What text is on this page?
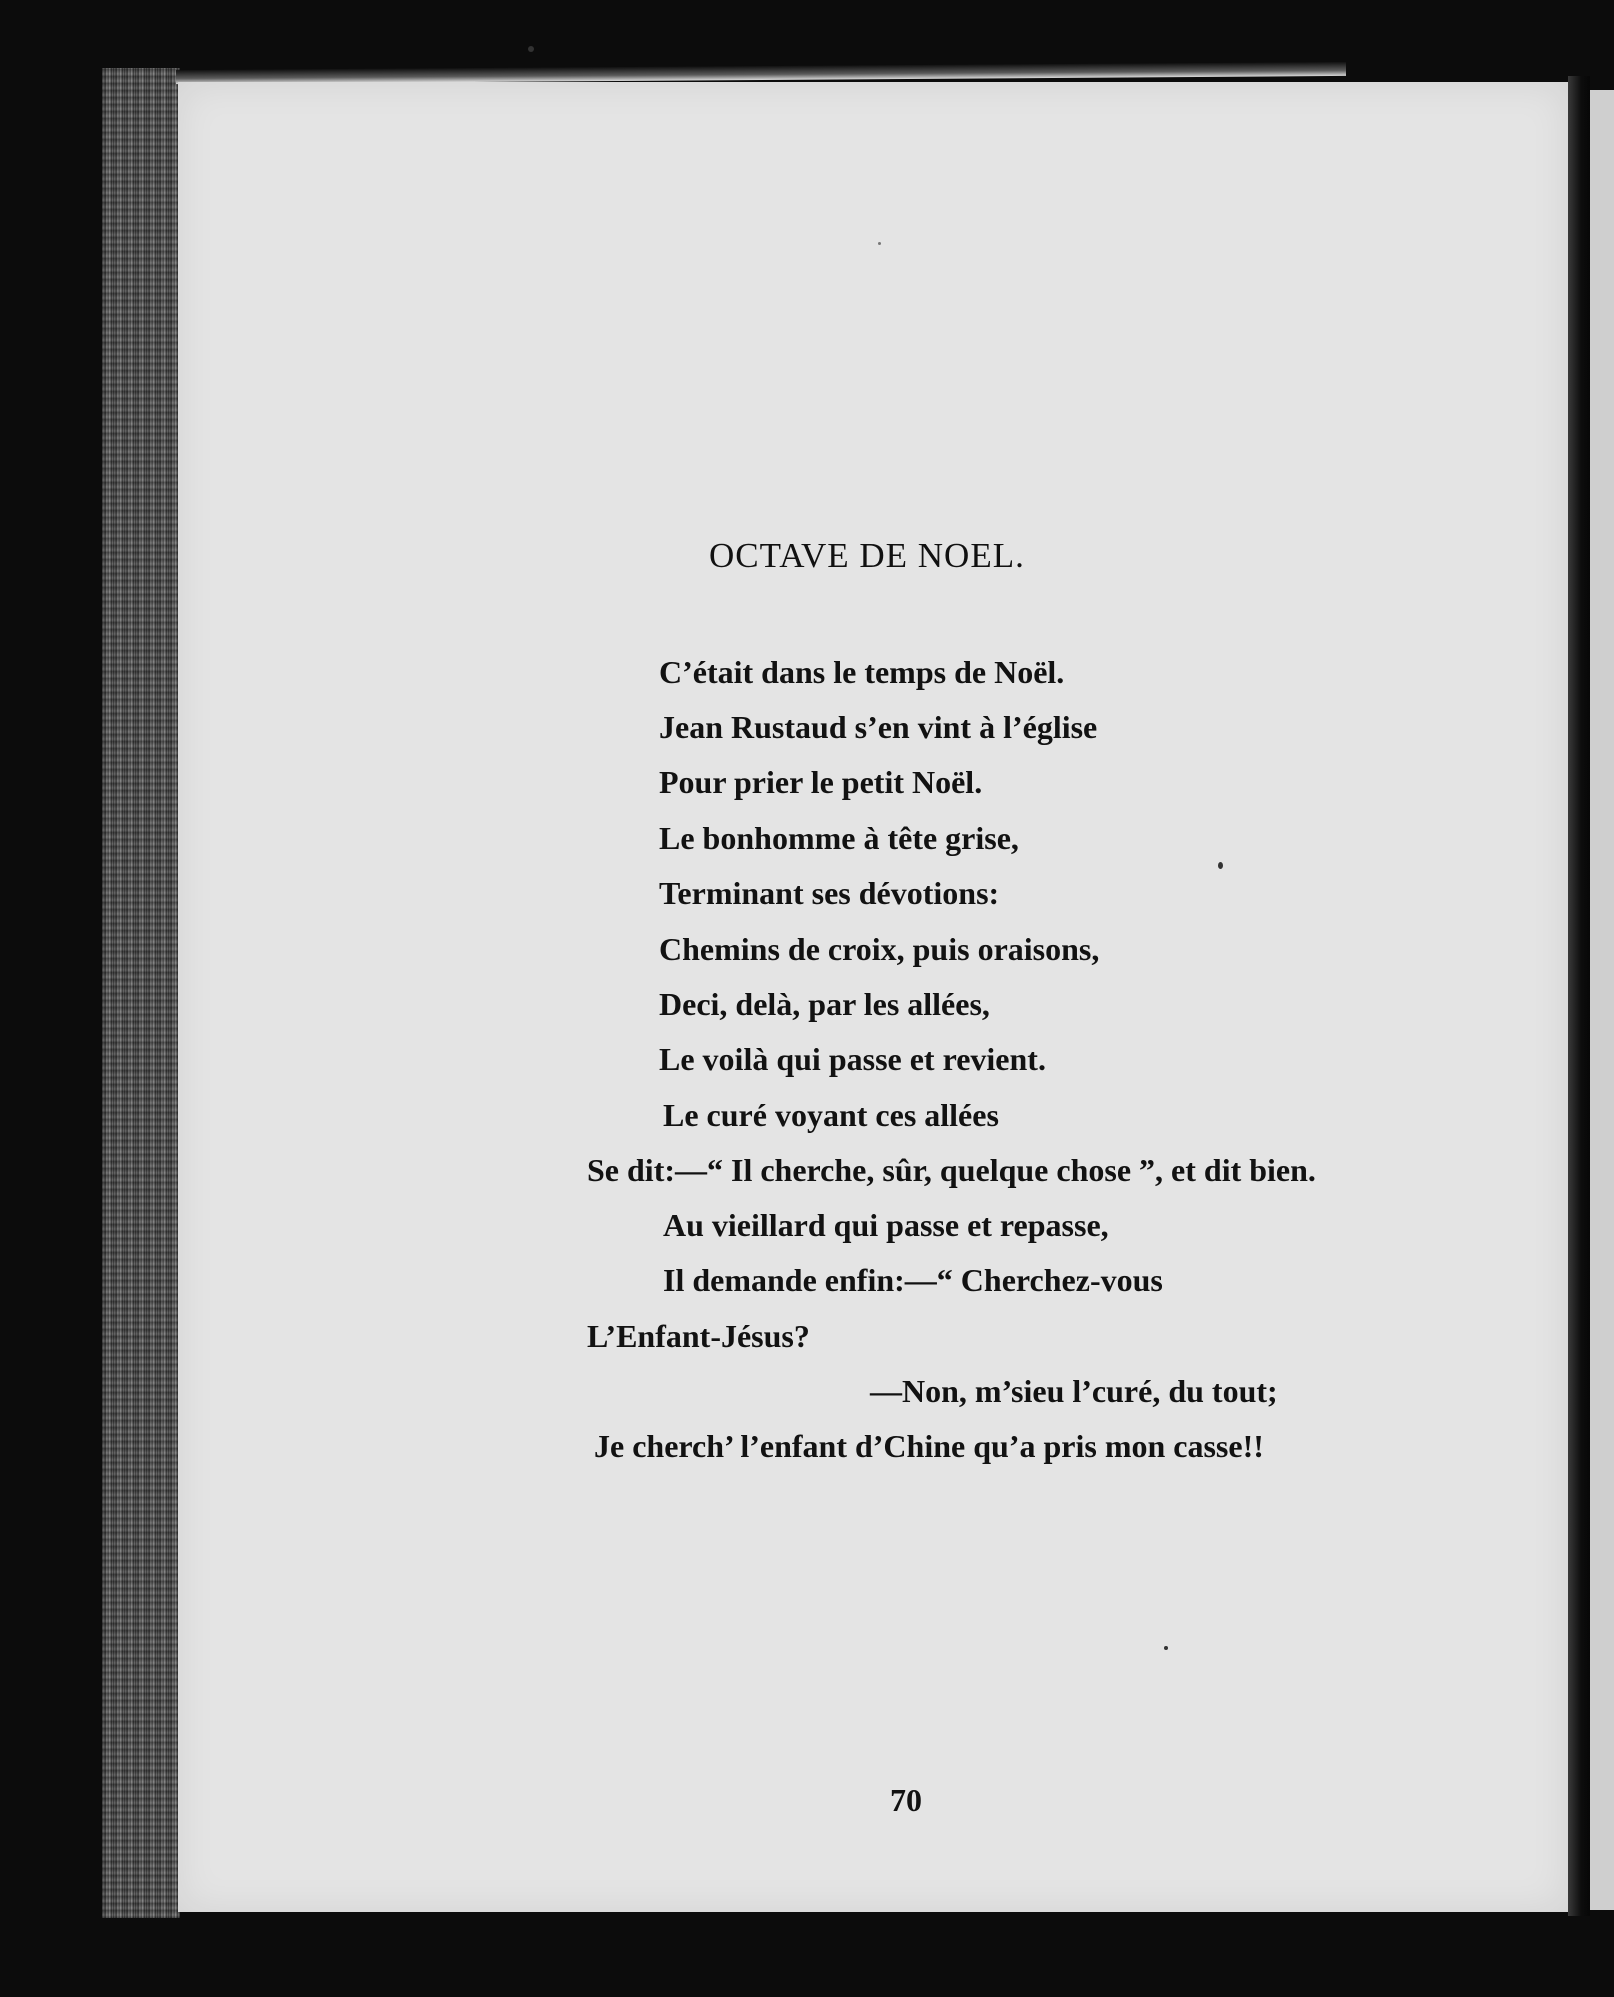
OCTAVE DE NOEL.
C’était dans le temps de Noël.
Jean Rustaud s’en vint à l’église
Pour prier le petit Noël.
Le bonhomme à tête grise,
Terminant ses dévotions:
Chemins de croix, puis oraisons,
Deci, delà, par les allées,
Le voilà qui passe et revient.
Le curé voyant ces allées
Se dit:—“ Il cherche, sûr, quelque chose ”, et dit bien.
Au vieillard qui passe et repasse,
Il demande enfin:—“ Cherchez-vous
L’Enfant-Jésus?
—Non, m’sieu l’curé, du tout;
Je cherch’ l’enfant d’Chine qu’a pris mon casse!!
70
